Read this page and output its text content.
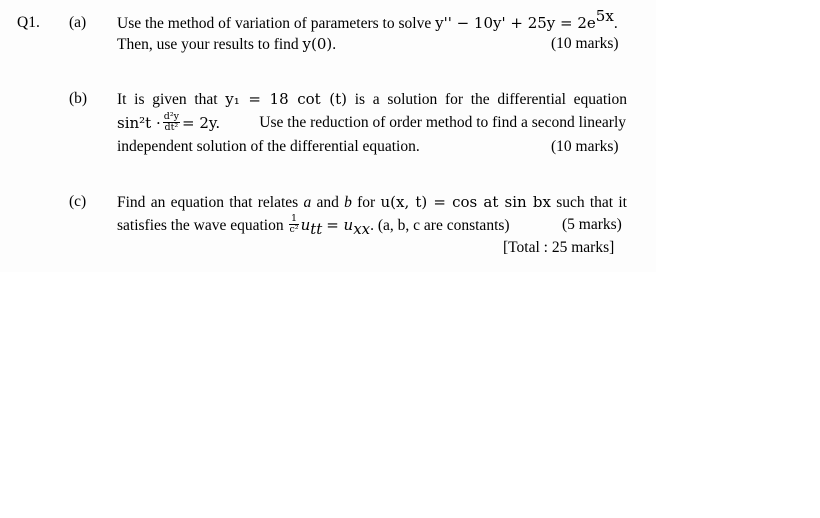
Q1. (a) Use the method of variation of parameters to solve $y'' - 10y' + 25y = 2e^{5x}$.
Then, use your results to find y(0).	(10 marks)
(b) It is given that y₁ = 18 cot (t) is a solution for the differential equation
$\sin^2t \cdot \frac{\text{d²y}}{\text{dt²}} = 2y$.	Use the reduction of order method to find a second linearly
independent solution of the differential equation.	(10 marks)
(c) Find an equation that relates a and b for u(x, t) = cos at sin bx such that it
satisfies the wave equation $\frac{1}{\text{c²}} u_{tt} = u_{xx}$. (a, b, c are constants)	(5 marks)
[Total : 25 marks]
